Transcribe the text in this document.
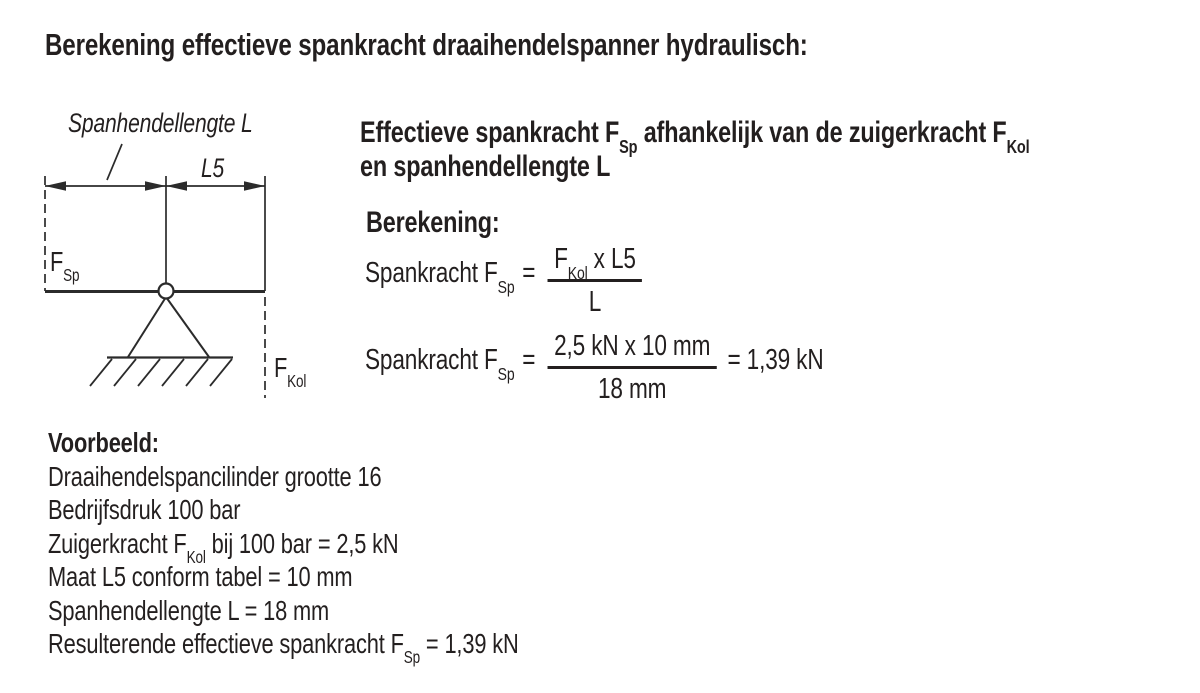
Berekening effectieve spankracht draaihendelspanner hydraulisch:
Spanhendellengte L
L5
$F_{Sp}$
$F_{Kol}$
Effectieve spankracht $F_{Sp}$ afhankelijk van de zuigerkracht $F_{Kol}$
en spanhendellengte L
Berekening:
Spankracht $F_{Sp} = \frac{F_{Kol} x L5}{L}$
Spankracht $F_{Sp} = \frac{\text{2,5 kN x 10 mm}}{18 mm} = 1,39$ kN
Voorbeeld:
Draaihendelspancilinder grootte 16
Bedrijfsdruk 100 bar
Zuigerkracht $F_{Kol}$ bij 100 bar = 2,5 kN
Maat L5 conform tabel = 10 mm
Spanhendellengte L = 18 mm
Resulterende effectieve spankracht $F_{Sp} = 1,39$ kN
